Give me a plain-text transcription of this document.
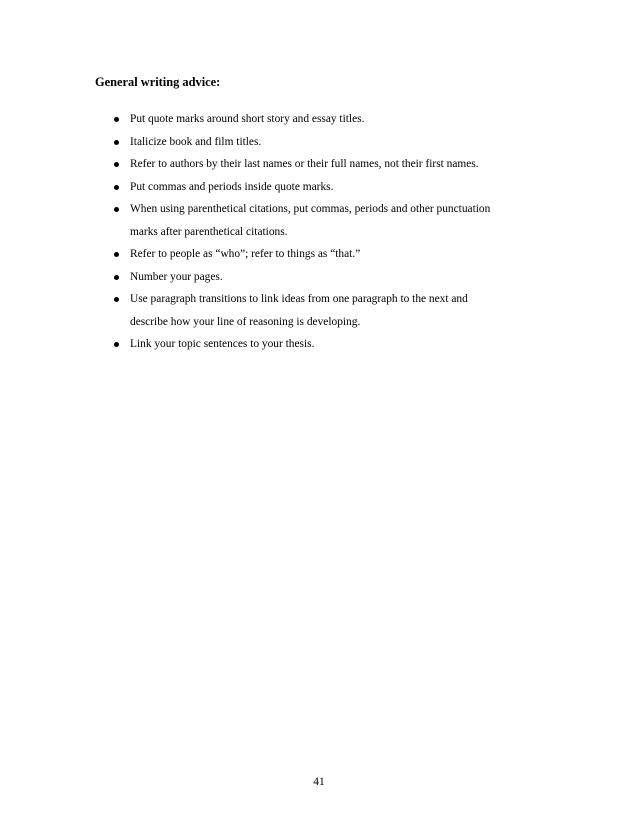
General writing advice:
Put quote marks around short story and essay titles.
Italicize book and film titles.
Refer to authors by their last names or their full names, not their first names.
Put commas and periods inside quote marks.
When using parenthetical citations, put commas, periods and other punctuation
marks after parenthetical citations.
Refer to people as “who”; refer to things as “that.”
Number your pages.
Use paragraph transitions to link ideas from one paragraph to the next and
describe how your line of reasoning is developing.
Link your topic sentences to your thesis.
41
